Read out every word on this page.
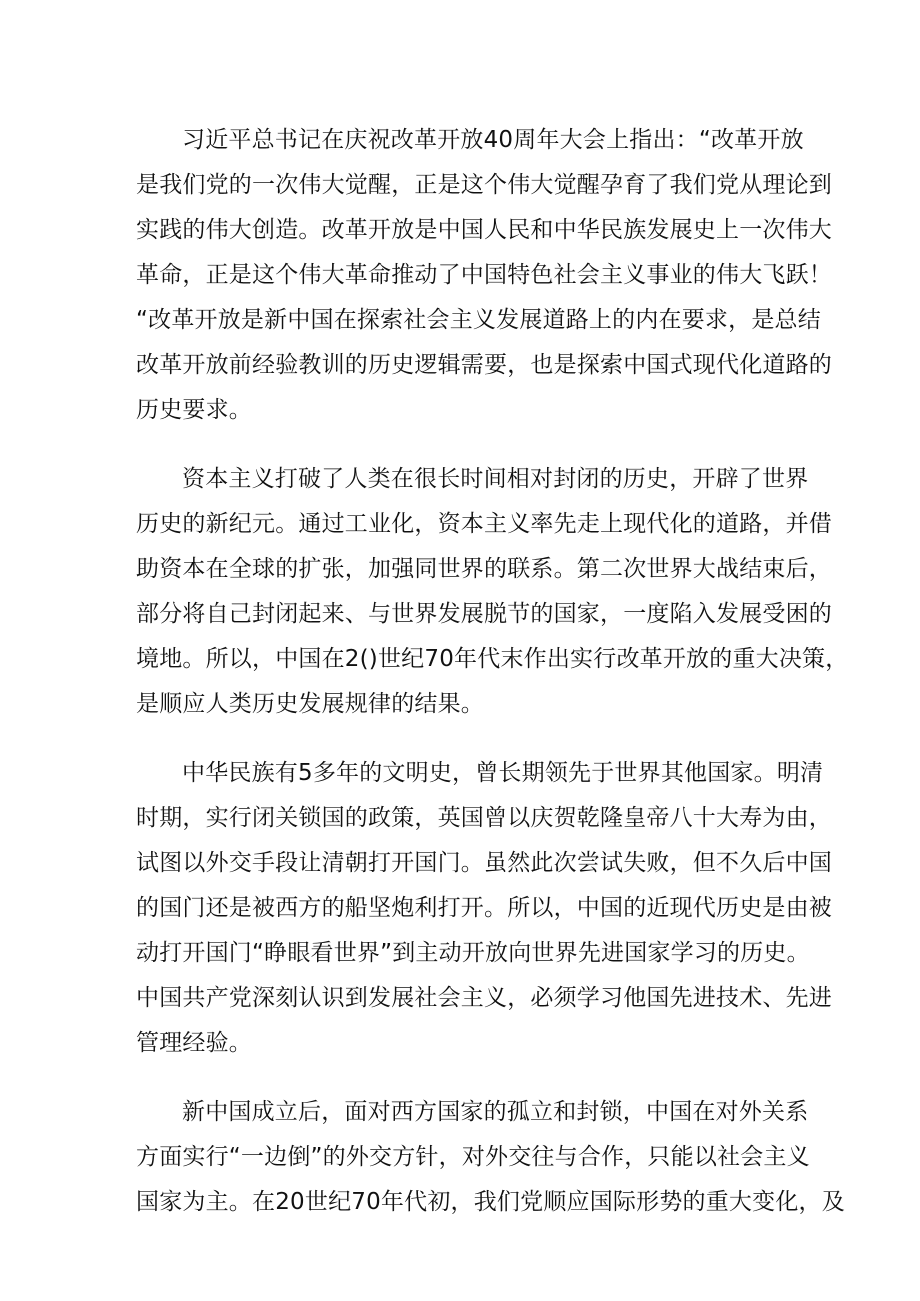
习近平总书记在庆祝改革开放40周年大会上指出：“改革开放
是我们党的一次伟大觉醒，正是这个伟大觉醒孕育了我们党从理论到
实践的伟大创造。改革开放是中国人民和中华民族发展史上一次伟大
革命，正是这个伟大革命推动了中国特色社会主义事业的伟大飞跃！
“改革开放是新中国在探索社会主义发展道路上的内在要求，是总结
改革开放前经验教训的历史逻辑需要，也是探索中国式现代化道路的
历史要求。

资本主义打破了人类在很长时间相对封闭的历史，开辟了世界
历史的新纪元。通过工业化，资本主义率先走上现代化的道路，并借
助资本在全球的扩张，加强同世界的联系。第二次世界大战结束后，
部分将自己封闭起来、与世界发展脱节的国家，一度陷入发展受困的
境地。所以，中国在2()世纪70年代末作出实行改革开放的重大决策，
是顺应人类历史发展规律的结果。

中华民族有5多年的文明史，曾长期领先于世界其他国家。明清
时期，实行闭关锁国的政策，英国曾以庆贺乾隆皇帝八十大寿为由，
试图以外交手段让清朝打开国门。虽然此次尝试失败，但不久后中国
的国门还是被西方的船坚炮利打开。所以，中国的近现代历史是由被
动打开国门“睁眼看世界”到主动开放向世界先进国家学习的历史。
中国共产党深刻认识到发展社会主义，必须学习他国先进技术、先进
管理经验。

新中国成立后，面对西方国家的孤立和封锁，中国在对外关系
方面实行“一边倒”的外交方针，对外交往与合作，只能以社会主义
国家为主。在20世纪70年代初，我们党顺应国际形势的重大变化，及
